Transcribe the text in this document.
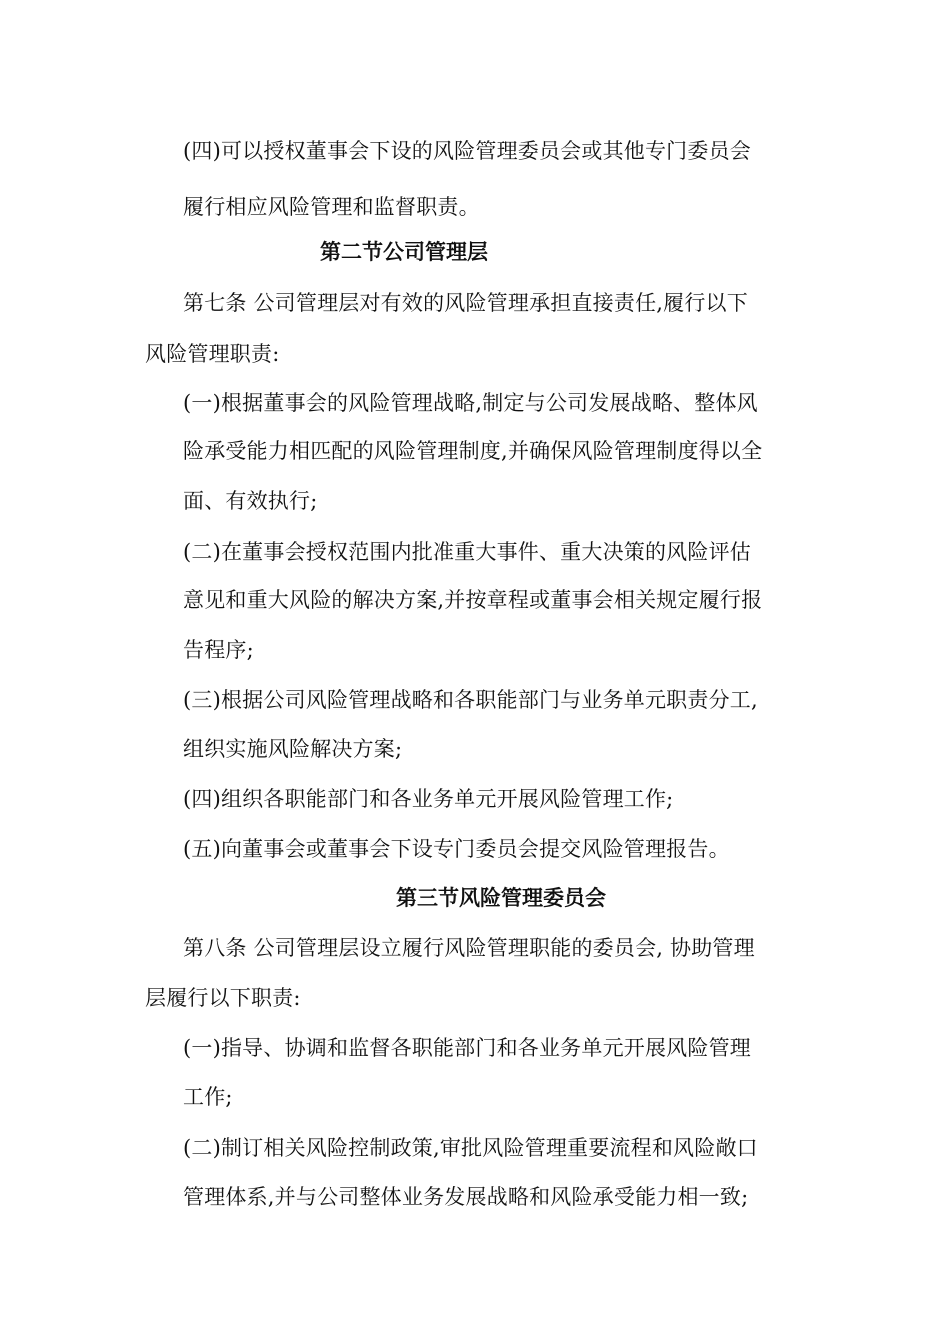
(四)可以授权董事会下设的风险管理委员会或其他专门委员会
履行相应风险管理和监督职责。
第二节公司管理层
第七条 公司管理层对有效的风险管理承担直接责任,履行以下
风险管理职责:
(一)根据董事会的风险管理战略,制定与公司发展战略、整体风
险承受能力相匹配的风险管理制度,并确保风险管理制度得以全
面、有效执行;
(二)在董事会授权范围内批准重大事件、重大决策的风险评估
意见和重大风险的解决方案,并按章程或董事会相关规定履行报
告程序;
(三)根据公司风险管理战略和各职能部门与业务单元职责分工,
组织实施风险解决方案;
(四)组织各职能部门和各业务单元开展风险管理工作;
(五)向董事会或董事会下设专门委员会提交风险管理报告。
第三节风险管理委员会
第八条 公司管理层设立履行风险管理职能的委员会, 协助管理
层履行以下职责:
(一)指导、协调和监督各职能部门和各业务单元开展风险管理
工作;
(二)制订相关风险控制政策,审批风险管理重要流程和风险敞口
管理体系,并与公司整体业务发展战略和风险承受能力相一致;
